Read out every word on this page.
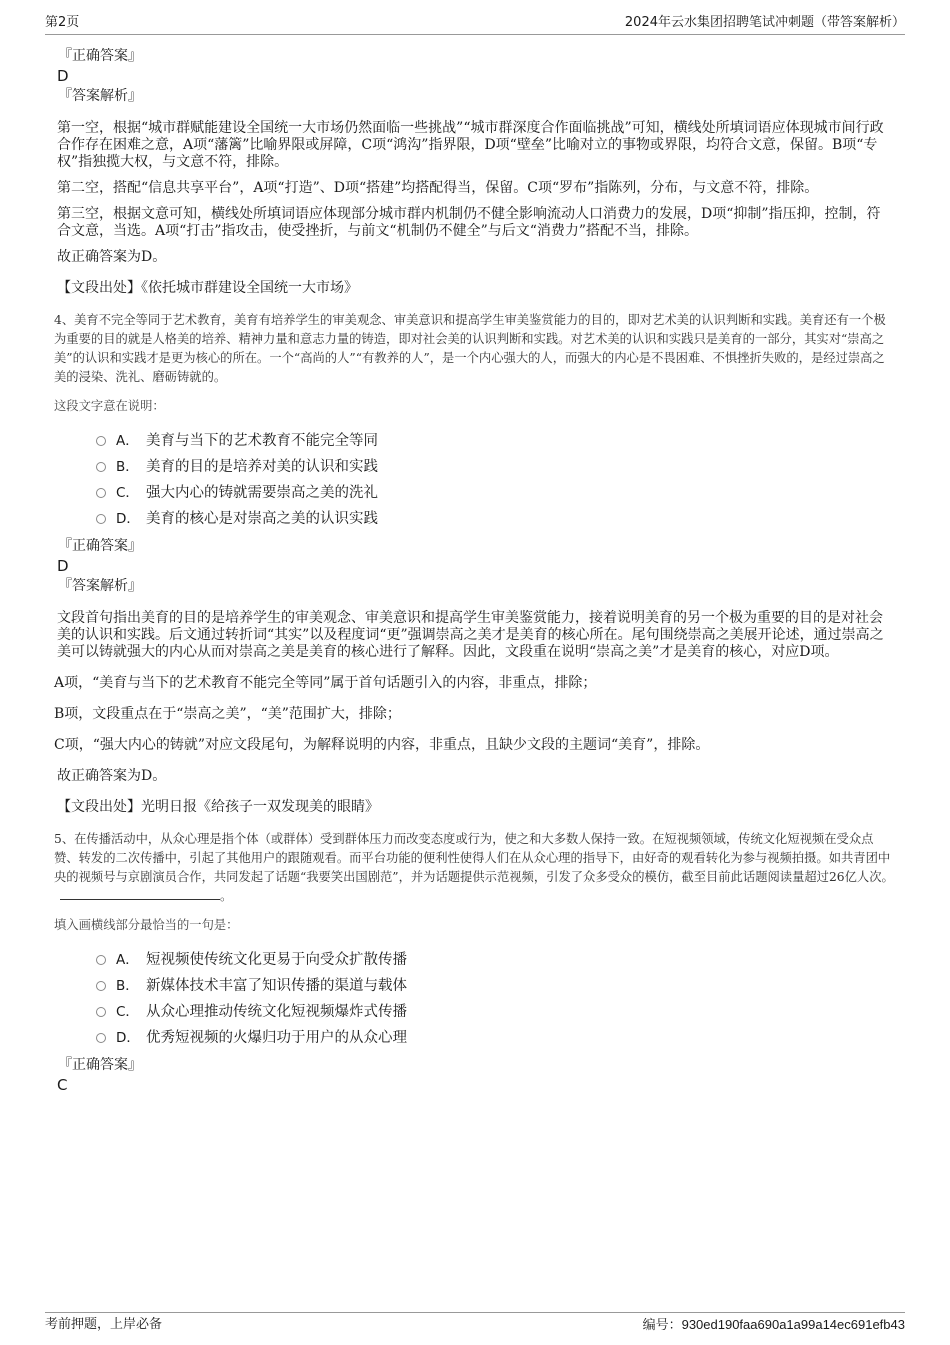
第2页	2024年云水集团招聘笔试冲刺题（带答案解析）
『正确答案』
D
『答案解析』

第一空，根据“城市群赋能建设全国统一大市场仍然面临一些挑战”“城市群深度合作面临挑战”可知，横线处所填词语应体现城市间行政合作存在困难之意，A项“藩篱”比喻界限或屏障，C项“鸿沟”指界限，D项“壁垒”比喻对立的事物或界限，均符合文意，保留。B项“专权”指独揽大权，与文意不符，排除。

第二空，搭配“信息共享平台”，A项“打造”、D项“搭建”均搭配得当，保留。C项“罗布”指陈列，分布，与文意不符，排除。

第三空，根据文意可知，横线处所填词语应体现部分城市群内机制仍不健全影响流动人口消费力的发展，D项“抑制”指压抑，控制，符合文意，当选。A项“打击”指攻击，使受挫折，与前文“机制仍不健全”与后文“消费力”搭配不当，排除。

故正确答案为D。

【文段出处】《依托城市群建设全国统一大市场》

4、美育不完全等同于艺术教育，美育有培养学生的审美观念、审美意识和提高学生审美鉴赏能力的目的，即对艺术美的认识判断和实践。美育还有一个极为重要的目的就是人格美的培养、精神力量和意志力量的铸造，即对社会美的认识判断和实践。对艺术美的认识和实践只是美育的一部分，其实对“崇高之美”的认识和实践才是更为核心的所在。一个“高尚的人”“有教养的人”，是一个内心强大的人，而强大的内心是不畏困难、不惧挫折失败的，是经过崇高之美的浸染、洗礼、磨砺铸就的。

这段文字意在说明：

A． 美育与当下的艺术教育不能完全等同
B． 美育的目的是培养对美的认识和实践
C． 强大内心的铸就需要崇高之美的洗礼
D． 美育的核心是对崇高之美的认识实践
『正确答案』
D
『答案解析』

文段首句指出美育的目的是培养学生的审美观念、审美意识和提高学生审美鉴赏能力，接着说明美育的另一个极为重要的目的是对社会美的认识和实践。后文通过转折词“其实”以及程度词“更”强调崇高之美才是美育的核心所在。尾句围绕崇高之美展开论述，通过崇高之美可以铸就强大的内心从而对崇高之美是美育的核心进行了解释。因此，文段重在说明“崇高之美”才是美育的核心，对应D项。

A项，“美育与当下的艺术教育不能完全等同”属于首句话题引入的内容，非重点，排除；

B项，文段重点在于“崇高之美”，“美”范围扩大，排除；

C项，“强大内心的铸就”对应文段尾句，为解释说明的内容，非重点，且缺少文段的主题词“美育”，排除。

故正确答案为D。

【文段出处】光明日报《给孩子一双发现美的眼睛》

5、在传播活动中，从众心理是指个体（或群体）受到群体压力而改变态度或行为，使之和大多数人保持一致。在短视频领域，传统文化短视频在受众点赞、转发的二次传播中，引起了其他用户的跟随观看。而平台功能的便利性使得人们在从众心理的指导下，由好奇的观看转化为参与视频拍摄。如共青团中央的视频号与京剧演员合作，共同发起了话题“我要笑出国剧范”，并为话题提供示范视频，引发了众多受众的模仿，截至目前此话题阅读量超过26亿人次。。

填入画横线部分最恰当的一句是：

A． 短视频使传统文化更易于向受众扩散传播
B． 新媒体技术丰富了知识传播的渠道与载体
C． 从众心理推动传统文化短视频爆炸式传播
D． 优秀短视频的火爆归功于用户的从众心理
『正确答案』
C
考前押题，上岸必备	编号：930ed190faa690a1a99a14ec691efb43
